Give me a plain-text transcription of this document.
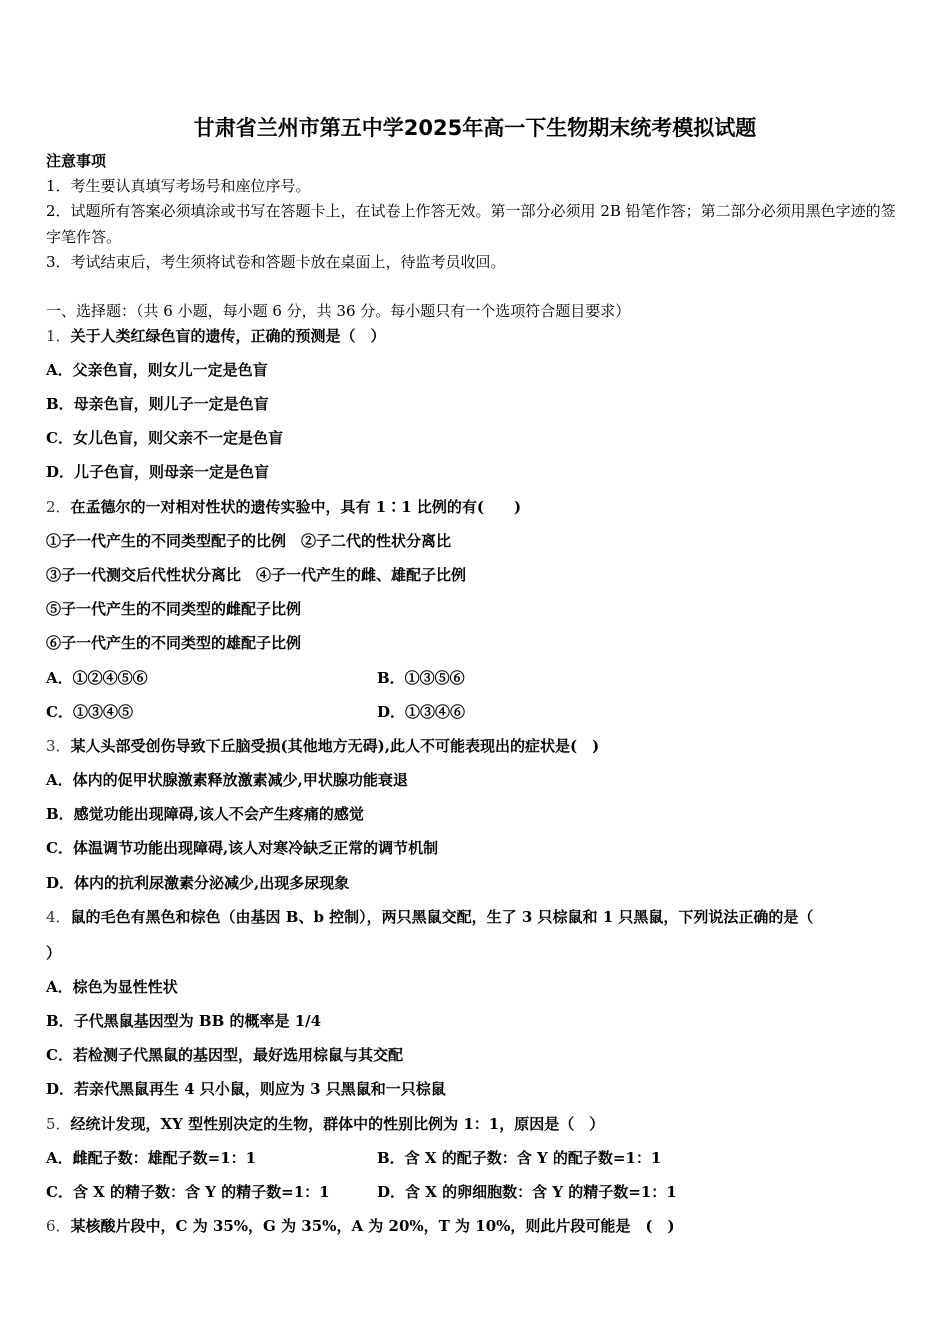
甘肃省兰州市第五中学2025年高一下生物期末统考模拟试题
注意事项
1．考生要认真填写考场号和座位序号。
2．试题所有答案必须填涂或书写在答题卡上，在试卷上作答无效。第一部分必须用 2B 铅笔作答；第二部分必须用黑色字迹的签字笔作答。
3．考试结束后，考生须将试卷和答题卡放在桌面上，待监考员收回。
一、选择题：（共 6 小题，每小题 6 分，共 36 分。每小题只有一个选项符合题目要求）
1．关于人类红绿色盲的遗传，正确的预测是（　）
A．父亲色盲，则女儿一定是色盲
B．母亲色盲，则儿子一定是色盲
C．女儿色盲，则父亲不一定是色盲
D．儿子色盲，则母亲一定是色盲
2．在孟德尔的一对相对性状的遗传实验中，具有 1∶1 比例的有(　　)
①子一代产生的不同类型配子的比例　②子二代的性状分离比
③子一代测交后代性状分离比　④子一代产生的雌、雄配子比例
⑤子一代产生的不同类型的雌配子比例
⑥子一代产生的不同类型的雄配子比例
A．①②④⑤⑥	B．①③⑤⑥
C．①③④⑤	D．①③④⑥
3．某人头部受创伤导致下丘脑受损(其他地方无碍),此人不可能表现出的症状是(　)
A．体内的促甲状腺激素释放激素减少,甲状腺功能衰退
B．感觉功能出现障碍,该人不会产生疼痛的感觉
C．体温调节功能出现障碍,该人对寒冷缺乏正常的调节机制
D．体内的抗利尿激素分泌减少,出现多尿现象
4．鼠的毛色有黑色和棕色（由基因 B、b 控制），两只黑鼠交配，生了 3 只棕鼠和 1 只黑鼠，下列说法正确的是（
）
A．棕色为显性性状
B．子代黑鼠基因型为 BB 的概率是 1/4
C．若检测子代黑鼠的基因型，最好选用棕鼠与其交配
D．若亲代黑鼠再生 4 只小鼠，则应为 3 只黑鼠和一只棕鼠
5．经统计发现，XY 型性别决定的生物，群体中的性别比例为 1：1，原因是（　）
A．雌配子数：雄配子数=1：1	B．含 X 的配子数：含 Y 的配子数=1：1
C．含 X 的精子数：含 Y 的精子数=1：1	D．含 X 的卵细胞数：含 Y 的精子数=1：1
6．某核酸片段中，C 为 35%，G 为 35%，A 为 20%，T 为 10%，则此片段可能是　(　)
